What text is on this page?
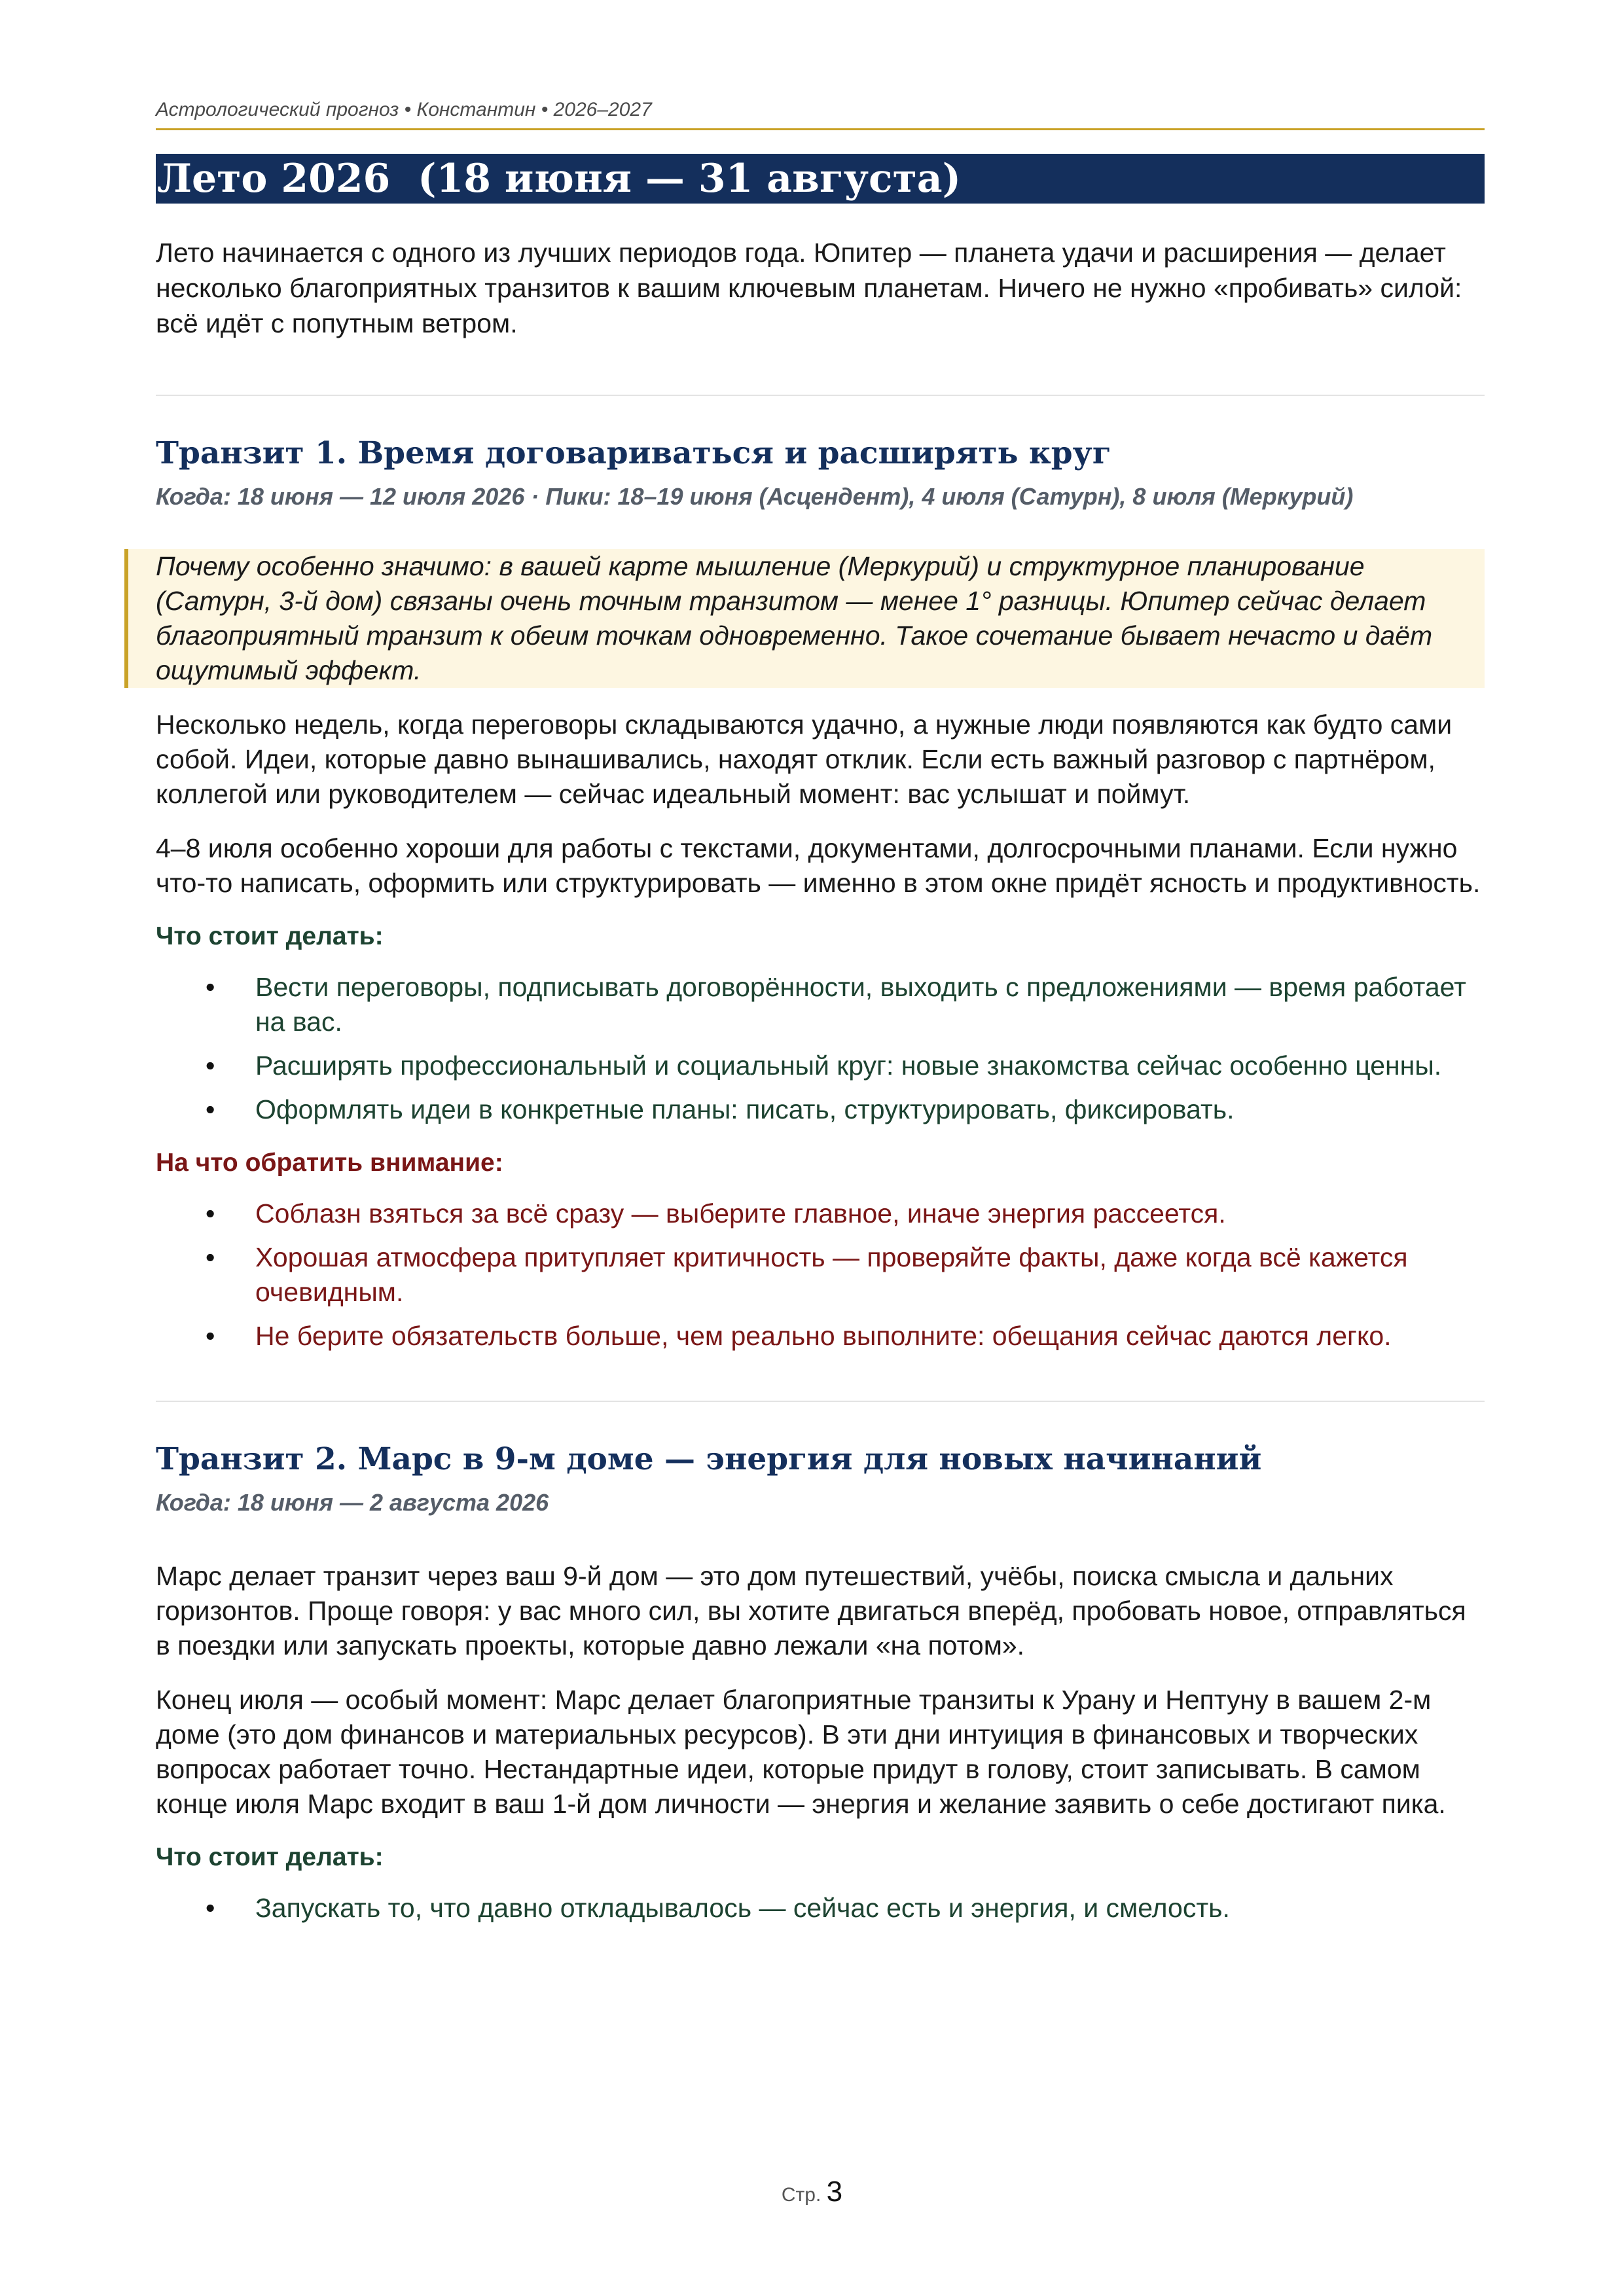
Астрологический прогноз • Константин • 2026–2027
Лето 2026  (18 июня — 31 августа)
Лето начинается с одного из лучших периодов года. Юпитер — планета удачи и расширения — делает несколько благоприятных транзитов к вашим ключевым планетам. Ничего не нужно «пробивать» силой: всё идёт с попутным ветром.
Транзит 1. Время договариваться и расширять круг
Когда: 18 июня — 12 июля 2026 · Пики: 18–19 июня (Асцендент), 4 июля (Сатурн), 8 июля (Меркурий)
Почему особенно значимо: в вашей карте мышление (Меркурий) и структурное планирование (Сатурн, 3-й дом) связаны очень точным транзитом — менее 1° разницы. Юпитер сейчас делает благоприятный транзит к обеим точкам одновременно. Такое сочетание бывает нечасто и даёт ощутимый эффект.
Несколько недель, когда переговоры складываются удачно, а нужные люди появляются как будто сами собой. Идеи, которые давно вынашивались, находят отклик. Если есть важный разговор с партнёром, коллегой или руководителем — сейчас идеальный момент: вас услышат и поймут.
4–8 июля особенно хороши для работы с текстами, документами, долгосрочными планами. Если нужно что-то написать, оформить или структурировать — именно в этом окне придёт ясность и продуктивность.
Что стоит делать:
• Вести переговоры, подписывать договорённости, выходить с предложениями — время работает на вас.
• Расширять профессиональный и социальный круг: новые знакомства сейчас особенно ценны.
• Оформлять идеи в конкретные планы: писать, структурировать, фиксировать.
На что обратить внимание:
• Соблазн взяться за всё сразу — выберите главное, иначе энергия рассеется.
• Хорошая атмосфера притупляет критичность — проверяйте факты, даже когда всё кажется очевидным.
• Не берите обязательств больше, чем реально выполните: обещания сейчас даются легко.
Транзит 2. Марс в 9-м доме — энергия для новых начинаний
Когда: 18 июня — 2 августа 2026
Марс делает транзит через ваш 9-й дом — это дом путешествий, учёбы, поиска смысла и дальних горизонтов. Проще говоря: у вас много сил, вы хотите двигаться вперёд, пробовать новое, отправляться в поездки или запускать проекты, которые давно лежали «на потом».
Конец июля — особый момент: Марс делает благоприятные транзиты к Урану и Нептуну в вашем 2-м доме (это дом финансов и материальных ресурсов). В эти дни интуиция в финансовых и творческих вопросах работает точно. Нестандартные идеи, которые придут в голову, стоит записывать. В самом конце июля Марс входит в ваш 1-й дом личности — энергия и желание заявить о себе достигают пика.
Что стоит делать:
• Запускать то, что давно откладывалось — сейчас есть и энергия, и смелость.
Стр. 3
